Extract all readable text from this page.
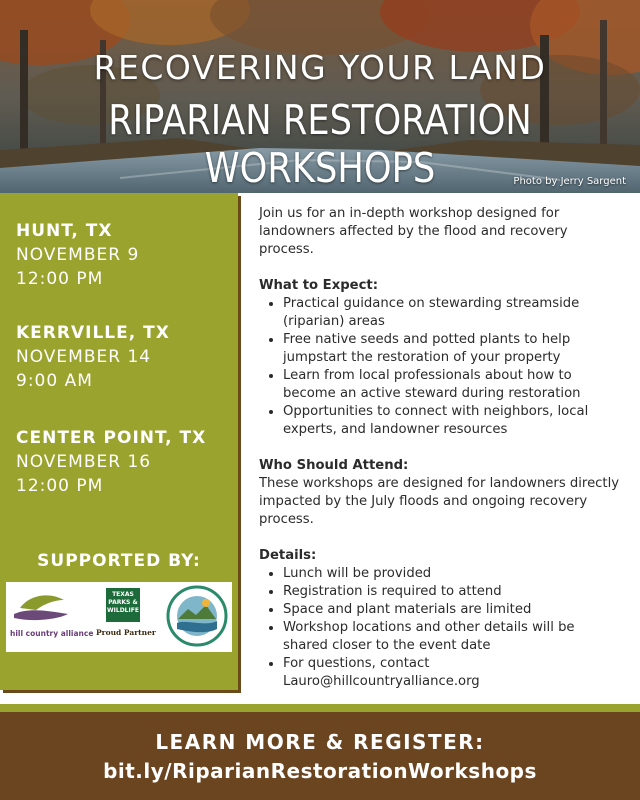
RECOVERING YOUR LAND
RIPARIAN RESTORATION WORKSHOPS	Photo by Jerry Sargent
HUNT, TX
NOVEMBER 9
12:00 PM
KERRVILLE, TX
NOVEMBER 14
9:00 AM
CENTER POINT, TX
NOVEMBER 16
12:00 PM
SUPPORTED BY:
hill country alliance
TEXAS
PARKS &
WILDLIFE
Proud Partner

Join us for an in-depth workshop designed for landowners affected by the flood and recovery process.

What to Expect:

• Practical guidance on stewarding streamside (riparian) areas
• Free native seeds and potted plants to help jumpstart the restoration of your property
• Learn from local professionals about how to become an active steward during restoration
• Opportunities to connect with neighbors, local experts, and landowner resources

Who Should Attend:

These workshops are designed for landowners directly impacted by the July floods and ongoing recovery process.

Details:

• Lunch will be provided
• Registration is required to attend
• Space and plant materials are limited
• Workshop locations and other details will be shared closer to the event date
• For questions, contact Lauro@hillcountryalliance.org
LEARN MORE & REGISTER:
bit.ly/RiparianRestorationWorkshops
